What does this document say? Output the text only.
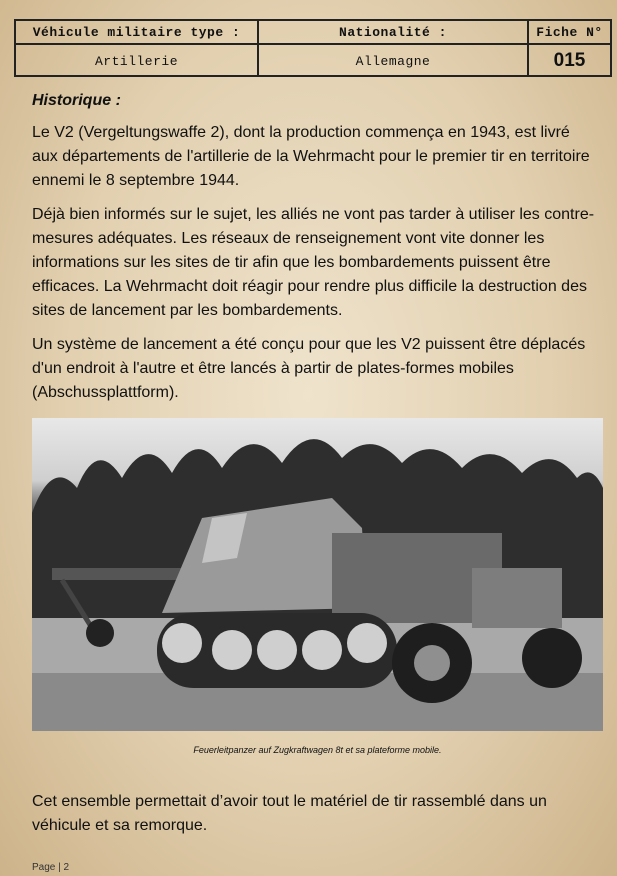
Véhicule militaire type :	Nationalité :	Fiche N°
Artillerie	Allemagne	015

Historique :

Le V2 (Vergeltungswaffe 2), dont la production commença en 1943, est livré aux départements de l'artillerie de la Wehrmacht pour le premier tir en territoire ennemi le 8 septembre 1944.

Déjà bien informés sur le sujet, les alliés ne vont pas tarder à utiliser les contre-mesures adéquates. Les réseaux de renseignement vont vite donner les informations sur les sites de tir afin que les bombardements puissent être efficaces. La Wehrmacht doit réagir pour rendre plus difficile la destruction des sites de lancement par les bombardements.

Un système de lancement a été conçu pour que les V2 puissent être déplacés d'un endroit à l'autre et être lancés à partir de plates-formes mobiles (Abschussplattform).

Feuerleitpanzer auf Zugkraftwagen 8t et sa plateforme mobile.

Cet ensemble permettait d’avoir tout le matériel de tir rassemblé dans un véhicule et sa remorque.

Page | 2
